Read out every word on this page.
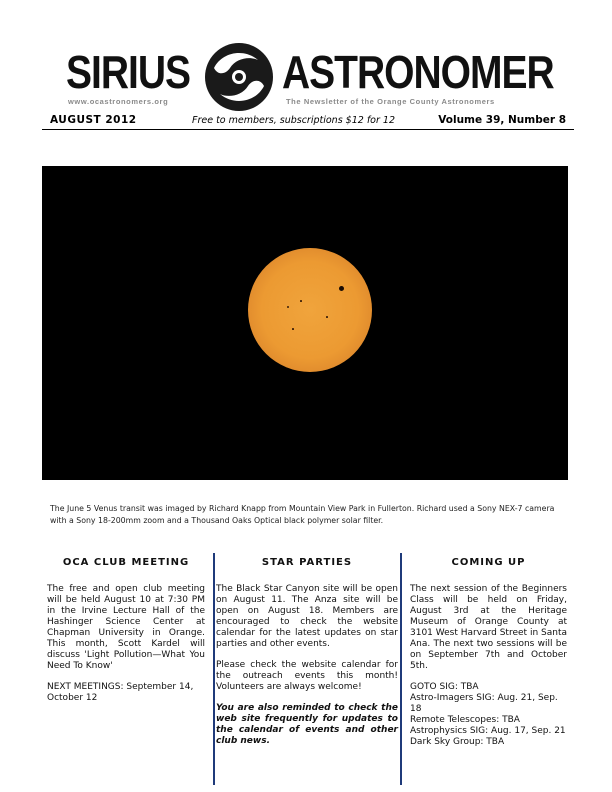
SIRIUS ASTRONOMER
www.ocastronomers.org	The Newsletter of the Orange County Astronomers
AUGUST 2012	Free to members, subscriptions $12 for 12	Volume 39, Number 8
The June 5 Venus transit was imaged by Richard Knapp from Mountain View Park in Fullerton. Richard used a Sony NEX-7 camera with a Sony 18-200mm zoom and a Thousand Oaks Optical black polymer solar filter.
OCA CLUB MEETING

The free and open club meeting will be held August 10 at 7:30 PM in the Irvine Lecture Hall of the Hashinger Science Center at Chapman University in Orange. This month, Scott Kardel will discuss 'Light Pollution—What You Need To Know'

NEXT MEETINGS: September 14, October 12

STAR PARTIES

The Black Star Canyon site will be open on August 11. The Anza site will be open on August 18. Members are encouraged to check the website calendar for the latest updates on star parties and other events.

Please check the website calendar for the outreach events this month! Volunteers are always welcome!

You are also reminded to check the web site frequently for updates to the calendar of events and other club news.

COMING UP

The next session of the Beginners Class will be held on Friday, August 3rd at the Heritage Museum of Orange County at 3101 West Harvard Street in Santa Ana. The next two sessions will be on September 7th and October 5th.

GOTO SIG: TBA

Astro-Imagers SIG: Aug. 21, Sep. 18

Remote Telescopes: TBA

Astrophysics SIG: Aug. 17, Sep. 21

Dark Sky Group: TBA
